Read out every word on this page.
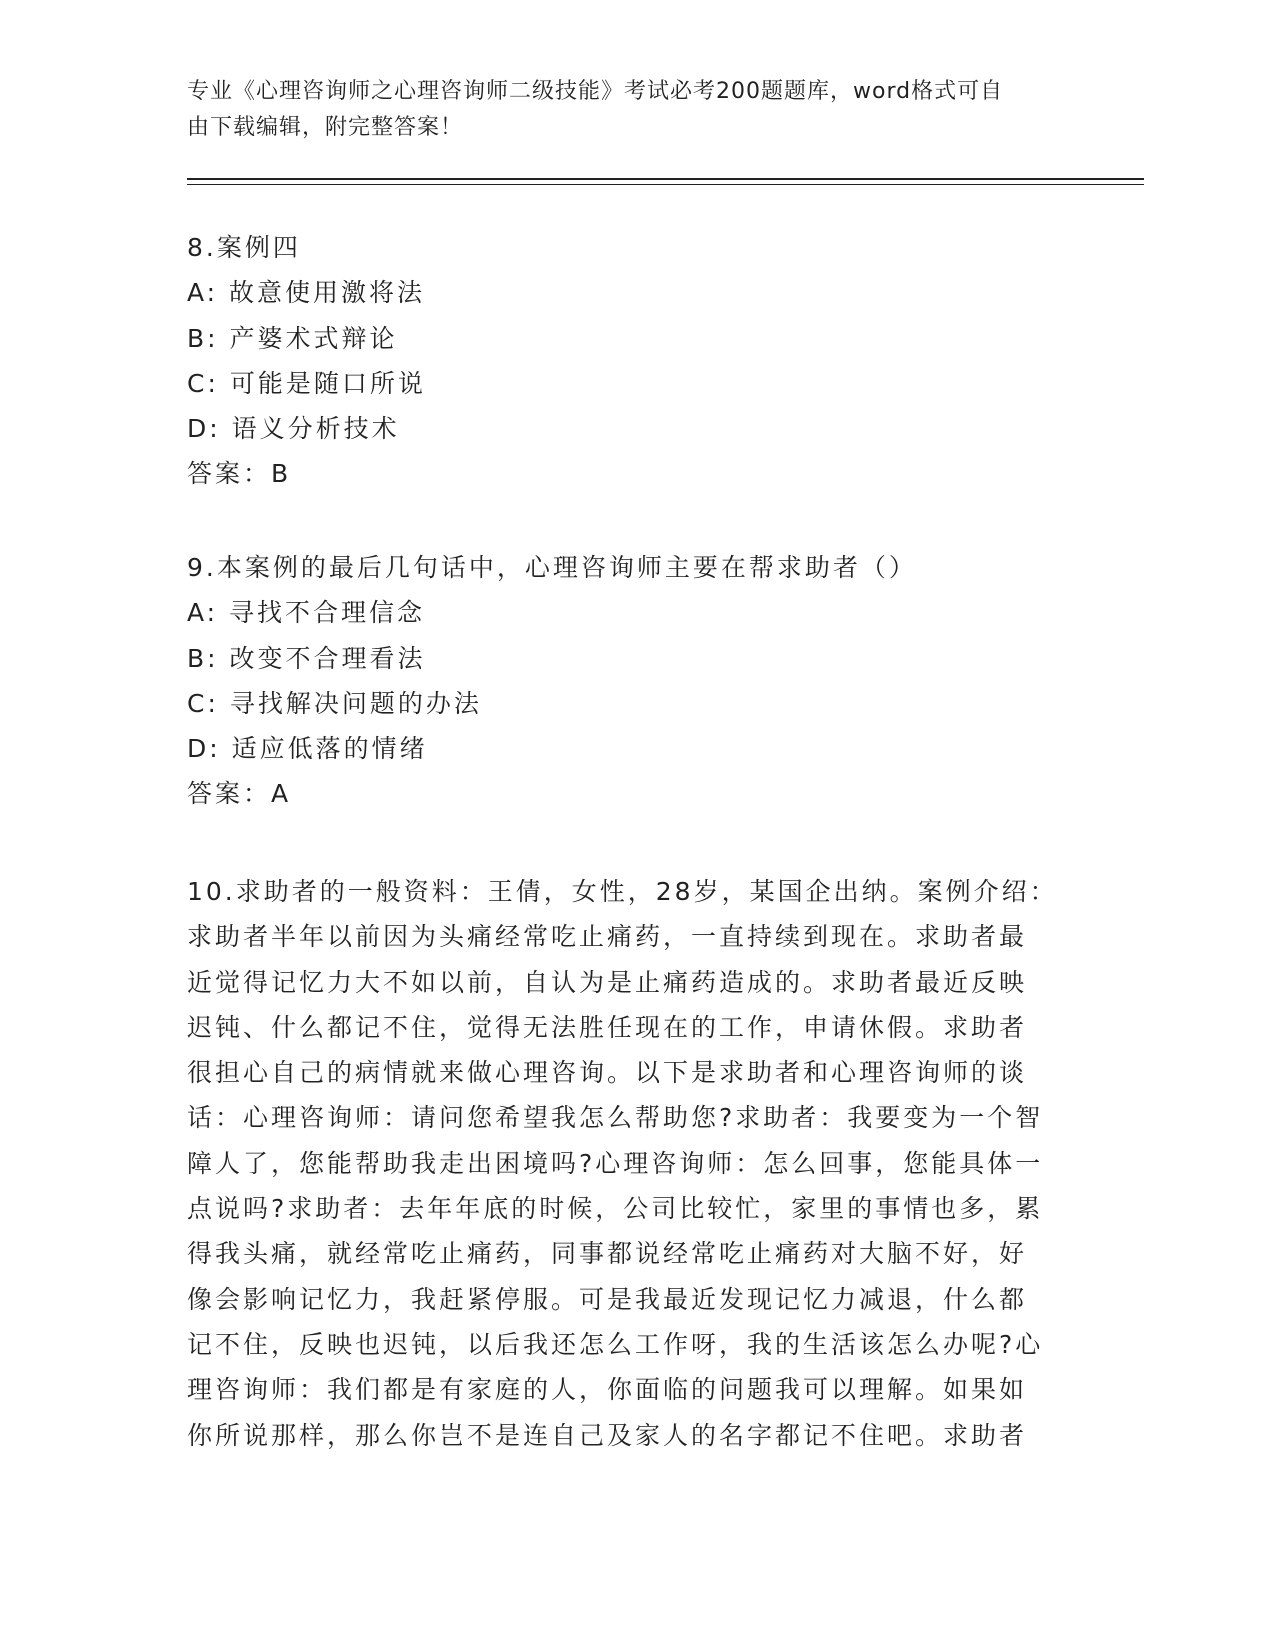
专业《心理咨询师之心理咨询师二级技能》考试必考200题题库，word格式可自
由下载编辑，附完整答案！
8.案例四
A: 故意使用激将法
B: 产婆术式辩论
C: 可能是随口所说
D: 语义分析技术
答案：B
9.本案例的最后几句话中，心理咨询师主要在帮求助者（）
A: 寻找不合理信念
B: 改变不合理看法
C: 寻找解决问题的办法
D: 适应低落的情绪
答案：A
10.求助者的一般资料：王倩，女性，28岁，某国企出纳。案例介绍：
求助者半年以前因为头痛经常吃止痛药，一直持续到现在。求助者最
近觉得记忆力大不如以前，自认为是止痛药造成的。求助者最近反映
迟钝、什么都记不住，觉得无法胜任现在的工作，申请休假。求助者
很担心自己的病情就来做心理咨询。以下是求助者和心理咨询师的谈
话：心理咨询师：请问您希望我怎么帮助您?求助者：我要变为一个智
障人了，您能帮助我走出困境吗?心理咨询师：怎么回事，您能具体一
点说吗?求助者：去年年底的时候，公司比较忙，家里的事情也多，累
得我头痛，就经常吃止痛药，同事都说经常吃止痛药对大脑不好，好
像会影响记忆力，我赶紧停服。可是我最近发现记忆力减退，什么都
记不住，反映也迟钝，以后我还怎么工作呀，我的生活该怎么办呢?心
理咨询师：我们都是有家庭的人，你面临的问题我可以理解。如果如
你所说那样，那么你岂不是连自己及家人的名字都记不住吧。求助者
